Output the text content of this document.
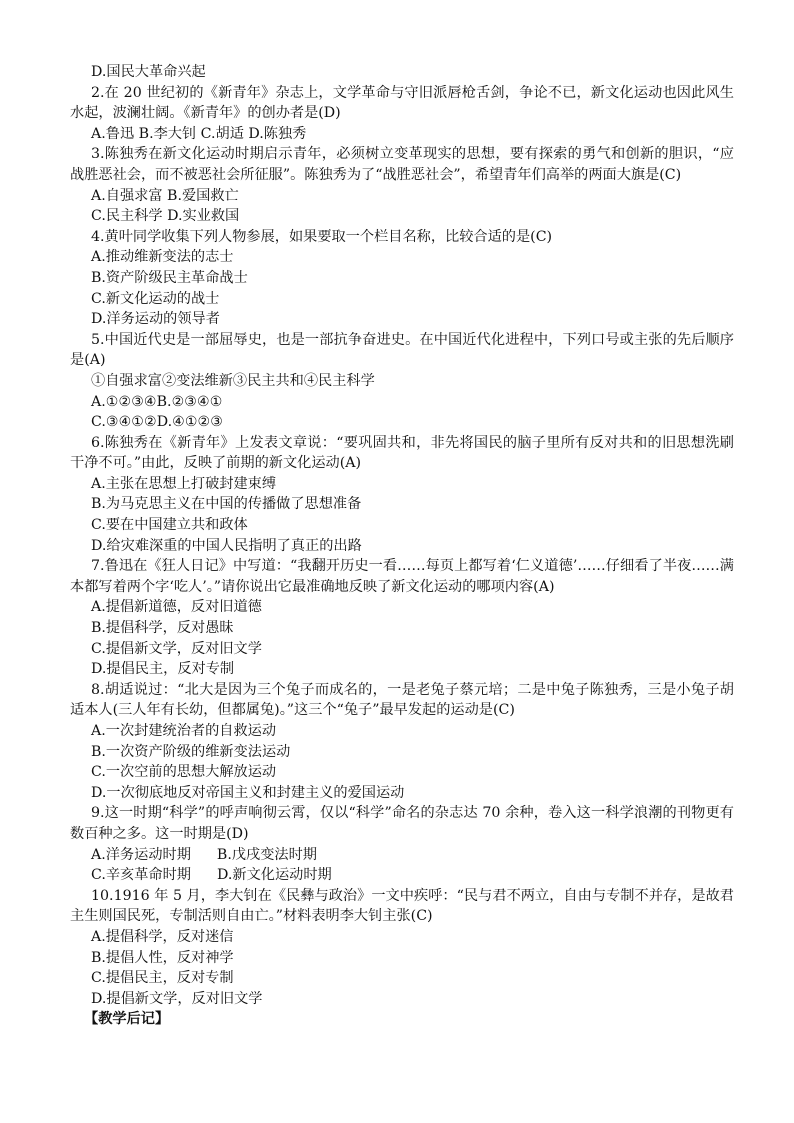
D.国民大革命兴起
2.在 20 世纪初的《新青年》杂志上，文学革命与守旧派唇枪舌剑，争论不已，新文化运动也因此风生水起，波澜壮阔。《新青年》的创办者是(D)
A.鲁迅 B.李大钊 C.胡适 D.陈独秀
3.陈独秀在新文化运动时期启示青年，必须树立变革现实的思想，要有探索的勇气和创新的胆识，“应战胜恶社会，而不被恶社会所征服”。陈独秀为了“战胜恶社会”，希望青年们高举的两面大旗是(C)
A.自强求富 B.爱国救亡
C.民主科学 D.实业救国
4.黄叶同学收集下列人物参展，如果要取一个栏目名称，比较合适的是(C)
A.推动维新变法的志士
B.资产阶级民主革命战士
C.新文化运动的战士
D.洋务运动的领导者
5.中国近代史是一部屈辱史，也是一部抗争奋进史。在中国近代化进程中，下列口号或主张的先后顺序是(A)
①自强求富②变法维新③民主共和④民主科学
A.①②③④B.②③④①
C.③④①②D.④①②③
6.陈独秀在《新青年》上发表文章说：“要巩固共和，非先将国民的脑子里所有反对共和的旧思想洗刷干净不可。”由此，反映了前期的新文化运动(A)
A.主张在思想上打破封建束缚
B.为马克思主义在中国的传播做了思想准备
C.要在中国建立共和政体
D.给灾难深重的中国人民指明了真正的出路
7.鲁迅在《狂人日记》中写道：“我翻开历史一看……每页上都写着‘仁义道德’……仔细看了半夜……满本都写着两个字‘吃人’。”请你说出它最准确地反映了新文化运动的哪项内容(A)
A.提倡新道德，反对旧道德
B.提倡科学，反对愚昧
C.提倡新文学，反对旧文学
D.提倡民主，反对专制
8.胡适说过：“北大是因为三个兔子而成名的，一是老兔子蔡元培；二是中兔子陈独秀，三是小兔子胡适本人(三人年有长幼，但都属兔)。”这三个“兔子”最早发起的运动是(C)
A.一次封建统治者的自救运动
B.一次资产阶级的维新变法运动
C.一次空前的思想大解放运动
D.一次彻底地反对帝国主义和封建主义的爱国运动
9.这一时期“科学”的呼声响彻云霄，仅以“科学”命名的杂志达 70 余种，卷入这一科学浪潮的刊物更有数百种之多。这一时期是(D)
A.洋务运动时期 B.戊戌变法时期
C.辛亥革命时期 D.新文化运动时期
10.1916 年 5 月，李大钊在《民彝与政治》一文中疾呼：“民与君不两立，自由与专制不并存，是故君主生则国民死，专制活则自由亡。”材料表明李大钊主张(C)
A.提倡科学，反对迷信
B.提倡人性，反对神学
C.提倡民主，反对专制
D.提倡新文学，反对旧文学
【教学后记】
